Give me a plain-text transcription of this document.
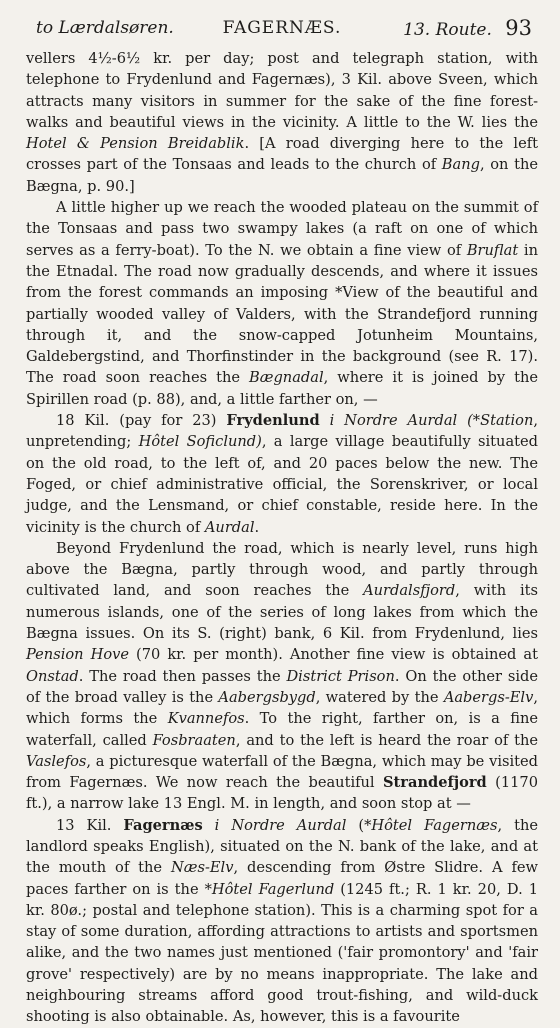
to Lærdalsøren.	FAGERNÆS.	13. Route. 93

vellers 4½-6½ kr. per day; post and telegraph station, with telephone to Frydenlund and Fagernæs), 3 Kil. above Sveen, which attracts many visitors in summer for the sake of the fine forest-walks and beautiful views in the vicinity. A little to the W. lies the Hotel & Pension Breidablik. [A road diverging here to the left crosses part of the Tonsaas and leads to the church of Bang, on the Bægna, p. 90.]

A little higher up we reach the wooded plateau on the summit of the Tonsaas and pass two swampy lakes (a raft on one of which serves as a ferry-boat). To the N. we obtain a fine view of Bruflat in the Etnadal. The road now gradually descends, and where it issues from the forest commands an imposing *View of the beautiful and partially wooded valley of Valders, with the Strandefjord running through it, and the snow-capped Jotunheim Mountains, Galdebergstind, and Thorfinstinder in the background (see R. 17). The road soon reaches the Bægnadal, where it is joined by the Spirillen road (p. 88), and, a little farther on, —

18 Kil. (pay for 23) Frydenlund i Nordre Aurdal (*Station, unpretending; Hôtel Soficlund), a large village beautifully situated on the old road, to the left of, and 20 paces below the new. The Foged, or chief administrative official, the Sorenskriver, or local judge, and the Lensmand, or chief constable, reside here. In the vicinity is the church of Aurdal.

Beyond Frydenlund the road, which is nearly level, runs high above the Bægna, partly through wood, and partly through cultivated land, and soon reaches the Aurdalsfjord, with its numerous islands, one of the series of long lakes from which the Bægna issues. On its S. (right) bank, 6 Kil. from Frydenlund, lies Pension Hove (70 kr. per month). Another fine view is obtained at Onstad. The road then passes the District Prison. On the other side of the broad valley is the Aabergsbygd, watered by the Aabergs-Elv, which forms the Kvannefos. To the right, farther on, is a fine waterfall, called Fosbraaten, and to the left is heard the roar of the Vaslefos, a picturesque waterfall of the Bægna, which may be visited from Fagernæs. We now reach the beautiful Strandefjord (1170 ft.), a narrow lake 13 Engl. M. in length, and soon stop at —

13 Kil. Fagernæs i Nordre Aurdal (*Hôtel Fagernæs, the landlord speaks English), situated on the N. bank of the lake, and at the mouth of the Næs-Elv, descending from Østre Slidre. A few paces farther on is the *Hôtel Fagerlund (1245 ft.; R. 1 kr. 20, D. 1 kr. 80ø.; postal and telephone station). This is a charming spot for a stay of some duration, affording attractions to artists and sportsmen alike, and the two names just mentioned ('fair promontory' and 'fair grove' respectively) are by no means inappropriate. The lake and neighbouring streams afford good trout-fishing, and wild-duck shooting is also obtainable. As, however, this is a favourite
